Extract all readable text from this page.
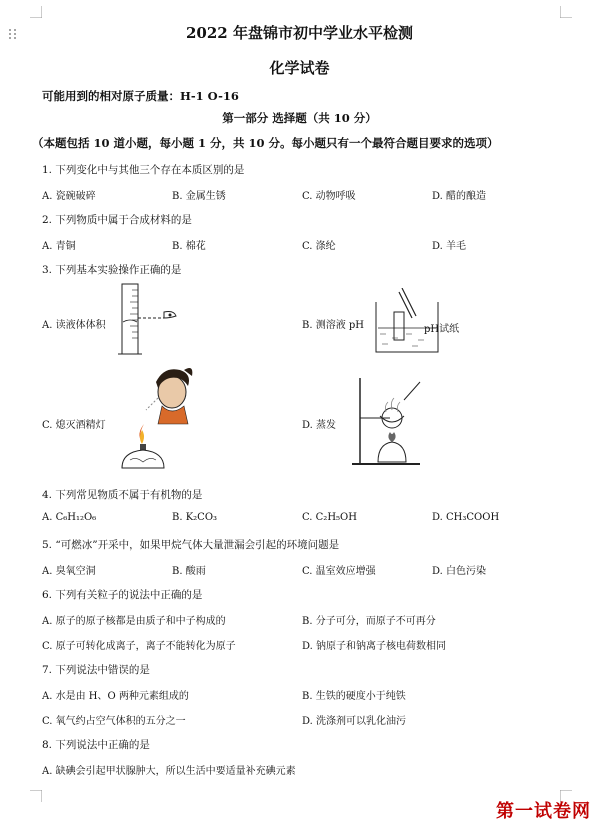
2022 年盘锦市初中学业水平检测
化学试卷
可能用到的相对原子质量：H-1 O-16
第一部分 选择题（共 10 分）
（本题包括 10 道小题，每小题 1 分，共 10 分。每小题只有一个最符合题目要求的选项）
1. 下列变化中与其他三个存在本质区别的是
A. 瓷碗破碎	B. 金属生锈	C. 动物呼吸	D. 醋的酿造
2. 下列物质中属于合成材料的是
A. 青铜	B. 棉花	C. 涤纶	D. 羊毛
3. 下列基本实验操作正确的是
A. 读液体体积	B. 测溶液 pH	pH试纸
C. 熄灭酒精灯	D. 蒸发
4. 下列常见物质不属于有机物的是
A. C₆H₁₂O₆	B. K₂CO₃	C. C₂H₅OH	D. CH₃COOH
5. “可燃冰”开采中，如果甲烷气体大量泄漏会引起的环境问题是
A. 臭氧空洞	B. 酸雨	C. 温室效应增强	D. 白色污染
6. 下列有关粒子的说法中正确的是
A. 原子的原子核都是由质子和中子构成的	B. 分子可分，而原子不可再分
C. 原子可转化成离子，离子不能转化为原子	D. 钠原子和钠离子核电荷数相同
7. 下列说法中错误的是
A. 水是由 H、O 两种元素组成的	B. 生铁的硬度小于纯铁
C. 氧气约占空气体积的五分之一	D. 洗涤剂可以乳化油污
8. 下列说法中正确的是
A. 缺碘会引起甲状腺肿大，所以生活中要适量补充碘元素
第一试卷网
